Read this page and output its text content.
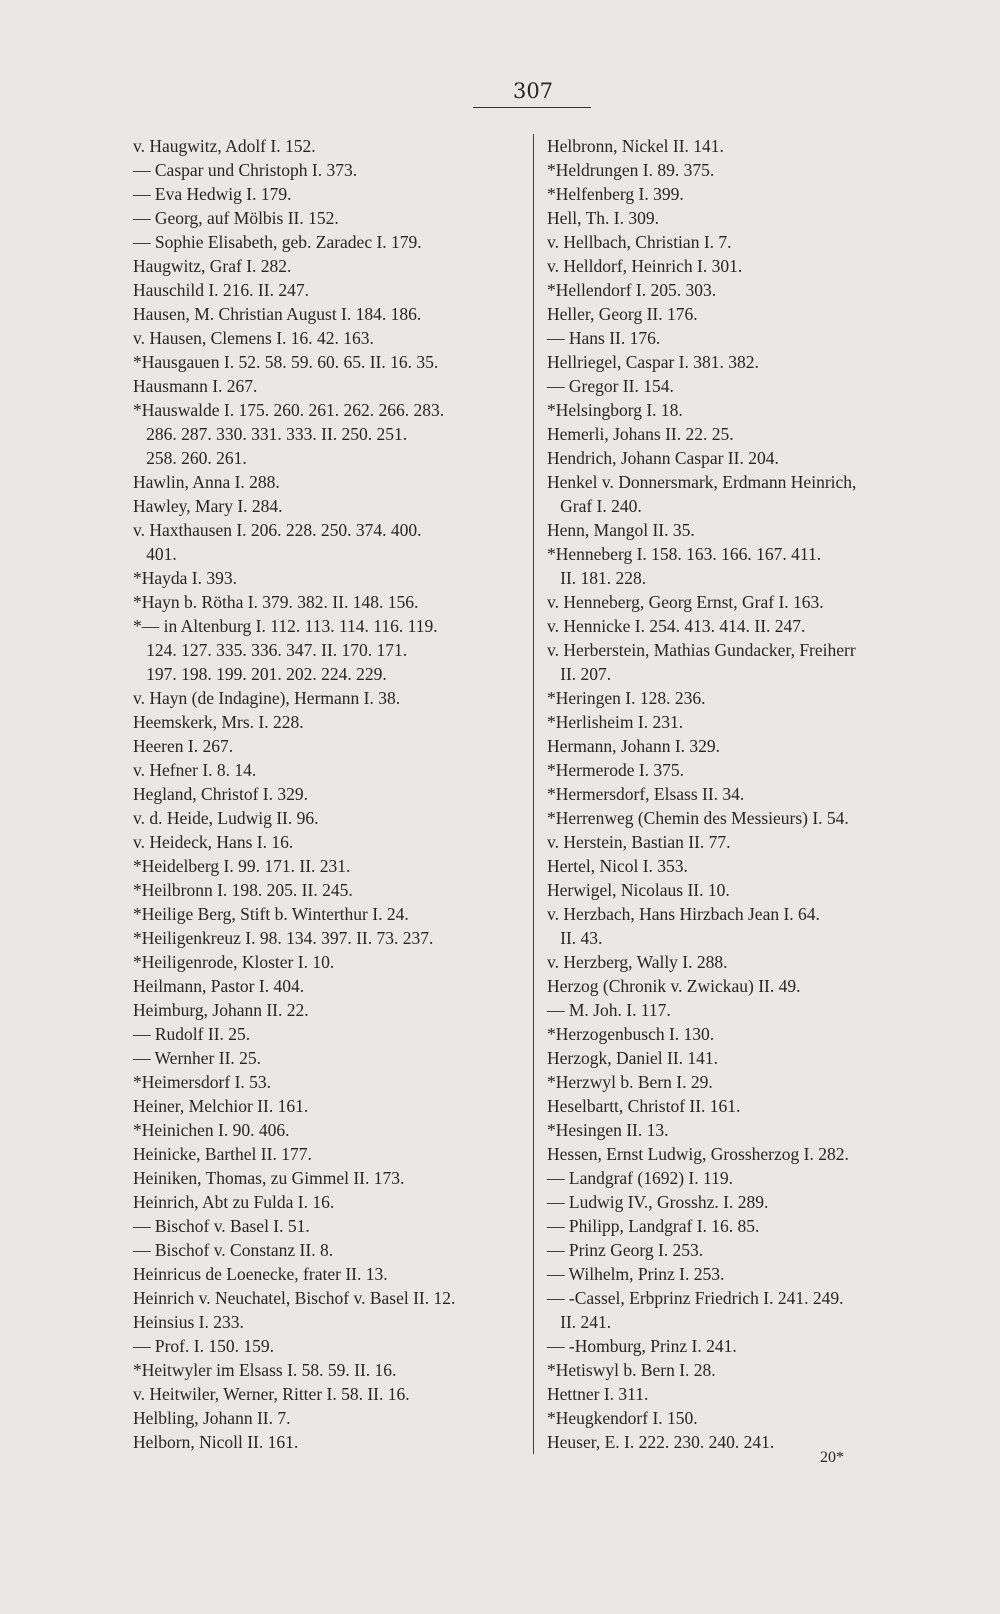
307
v. Haugwitz, Adolf I. 152.
— Caspar und Christoph I. 373.
— Eva Hedwig I. 179.
— Georg, auf Mölbis II. 152.
— Sophie Elisabeth, geb. Zaradec I. 179.
Haugwitz, Graf I. 282.
Hauschild I. 216. II. 247.
Hausen, M. Christian August I. 184. 186.
v. Hausen, Clemens I. 16. 42. 163.
*Hausgauen I. 52. 58. 59. 60. 65. II. 16. 35.
Hausmann I. 267.
*Hauswalde I. 175. 260. 261. 262. 266. 283.
286. 287. 330. 331. 333. II. 250. 251.
258. 260. 261.
Hawlin, Anna I. 288.
Hawley, Mary I. 284.
v. Haxthausen I. 206. 228. 250. 374. 400.
401.
*Hayda I. 393.
*Hayn b. Rötha I. 379. 382. II. 148. 156.
*— in Altenburg I. 112. 113. 114. 116. 119.
124. 127. 335. 336. 347. II. 170. 171.
197. 198. 199. 201. 202. 224. 229.
v. Hayn (de Indagine), Hermann I. 38.
Heemskerk, Mrs. I. 228.
Heeren I. 267.
v. Hefner I. 8. 14.
Hegland, Christof I. 329.
v. d. Heide, Ludwig II. 96.
v. Heideck, Hans I. 16.
*Heidelberg I. 99. 171. II. 231.
*Heilbronn I. 198. 205. II. 245.
*Heilige Berg, Stift b. Winterthur I. 24.
*Heiligenkreuz I. 98. 134. 397. II. 73. 237.
*Heiligenrode, Kloster I. 10.
Heilmann, Pastor I. 404.
Heimburg, Johann II. 22.
— Rudolf II. 25.
— Wernher II. 25.
*Heimersdorf I. 53.
Heiner, Melchior II. 161.
*Heinichen I. 90. 406.
Heinicke, Barthel II. 177.
Heiniken, Thomas, zu Gimmel II. 173.
Heinrich, Abt zu Fulda I. 16.
— Bischof v. Basel I. 51.
— Bischof v. Constanz II. 8.
Heinricus de Loenecke, frater II. 13.
Heinrich v. Neuchatel, Bischof v. Basel II. 12.
Heinsius I. 233.
— Prof. I. 150. 159.
*Heitwyler im Elsass I. 58. 59. II. 16.
v. Heitwiler, Werner, Ritter I. 58. II. 16.
Helbling, Johann II. 7.
Helborn, Nicoll II. 161.
Helbronn, Nickel II. 141.
*Heldrungen I. 89. 375.
*Helfenberg I. 399.
Hell, Th. I. 309.
v. Hellbach, Christian I. 7.
v. Helldorf, Heinrich I. 301.
*Hellendorf I. 205. 303.
Heller, Georg II. 176.
— Hans II. 176.
Hellriegel, Caspar I. 381. 382.
— Gregor II. 154.
*Helsingborg I. 18.
Hemerli, Johans II. 22. 25.
Hendrich, Johann Caspar II. 204.
Henkel v. Donnersmark, Erdmann Heinrich,
Graf I. 240.
Henn, Mangol II. 35.
*Henneberg I. 158. 163. 166. 167. 411.
II. 181. 228.
v. Henneberg, Georg Ernst, Graf I. 163.
v. Hennicke I. 254. 413. 414. II. 247.
v. Herberstein, Mathias Gundacker, Freiherr
II. 207.
*Heringen I. 128. 236.
*Herlisheim I. 231.
Hermann, Johann I. 329.
*Hermerode I. 375.
*Hermersdorf, Elsass II. 34.
*Herrenweg (Chemin des Messieurs) I. 54.
v. Herstein, Bastian II. 77.
Hertel, Nicol I. 353.
Herwigel, Nicolaus II. 10.
v. Herzbach, Hans Hirzbach Jean I. 64.
II. 43.
v. Herzberg, Wally I. 288.
Herzog (Chronik v. Zwickau) II. 49.
— M. Joh. I. 117.
*Herzogenbusch I. 130.
Herzogk, Daniel II. 141.
*Herzwyl b. Bern I. 29.
Heselbartt, Christof II. 161.
*Hesingen II. 13.
Hessen, Ernst Ludwig, Grossherzog I. 282.
— Landgraf (1692) I. 119.
— Ludwig IV., Grosshz. I. 289.
— Philipp, Landgraf I. 16. 85.
— Prinz Georg I. 253.
— Wilhelm, Prinz I. 253.
— -Cassel, Erbprinz Friedrich I. 241. 249.
II. 241.
— -Homburg, Prinz I. 241.
*Hetiswyl b. Bern I. 28.
Hettner I. 311.
*Heugkendorf I. 150.
Heuser, E. I. 222. 230. 240. 241.
20*
